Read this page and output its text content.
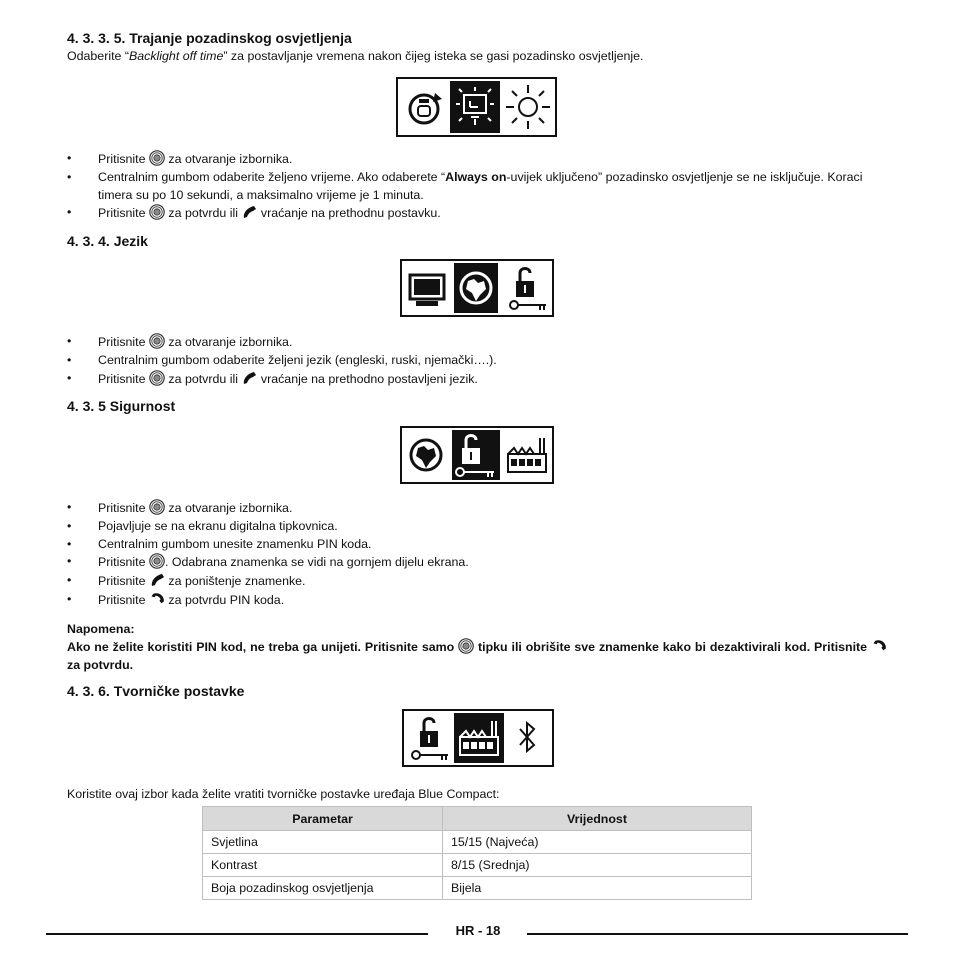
4. 3. 3. 5. Trajanje pozadinskog osvjetljenja
Odaberite “Backlight off time” za postavljanje vremena nakon čijeg isteka se gasi pozadinsko osvjetljenje.
• Pritisnite za otvaranje izbornika.
• Centralnim gumbom odaberite željeno vrijeme. Ako odaberete “Always on-uvijek uključeno” pozadinsko osvjetljenje se ne isključuje. Koraci timera su po 10 sekundi, a maksimalno vrijeme je 1 minuta.
• Pritisnite za potvrdu ili vraćanje na prethodnu postavku.
4. 3. 4. Jezik
• Pritisnite za otvaranje izbornika.
• Centralnim gumbom odaberite željeni jezik (engleski, ruski, njemački….).
• Pritisnite za potvrdu ili vraćanje na prethodno postavljeni jezik.
4. 3. 5 Sigurnost
• Pritisnite za otvaranje izbornika.
• Pojavljuje se na ekranu digitalna tipkovnica.
• Centralnim gumbom unesite znamenku PIN koda.
• Pritisnite . Odabrana znamenka se vidi na gornjem dijelu ekrana.
• Pritisnite za poništenje znamenke.
• Pritisnite za potvrdu PIN koda.
Napomena:
Ako ne želite koristiti PIN kod, ne treba ga unijeti. Pritisnite samo tipku ili obrišite sve znamenke kako bi dezaktivirali kod. Pritisnite  za potvrdu.
4. 3. 6. Tvorničke postavke
Koristite ovaj izbor kada želite vratiti tvorničke postavke uređaja Blue Compact:
Parametar	Vrijednost
Svjetlina	15/15 (Najveća)
Kontrast	8/15 (Srednja)
Boja pozadinskog osvjetljenja	Bijela
HR - 18
